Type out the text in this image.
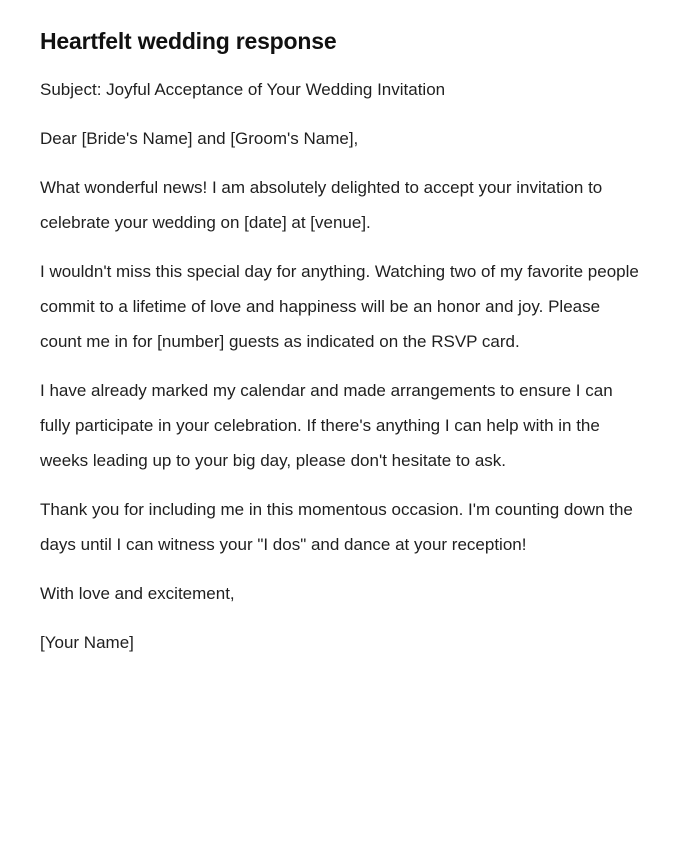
Heartfelt wedding response

Subject: Joyful Acceptance of Your Wedding Invitation

Dear [Bride's Name] and [Groom's Name],

What wonderful news! I am absolutely delighted to accept your invitation to celebrate your wedding on [date] at [venue].

I wouldn't miss this special day for anything. Watching two of my favorite people commit to a lifetime of love and happiness will be an honor and joy. Please count me in for [number] guests as indicated on the RSVP card.

I have already marked my calendar and made arrangements to ensure I can fully participate in your celebration. If there's anything I can help with in the weeks leading up to your big day, please don't hesitate to ask.

Thank you for including me in this momentous occasion. I'm counting down the days until I can witness your "I dos" and dance at your reception!

With love and excitement,

[Your Name]
